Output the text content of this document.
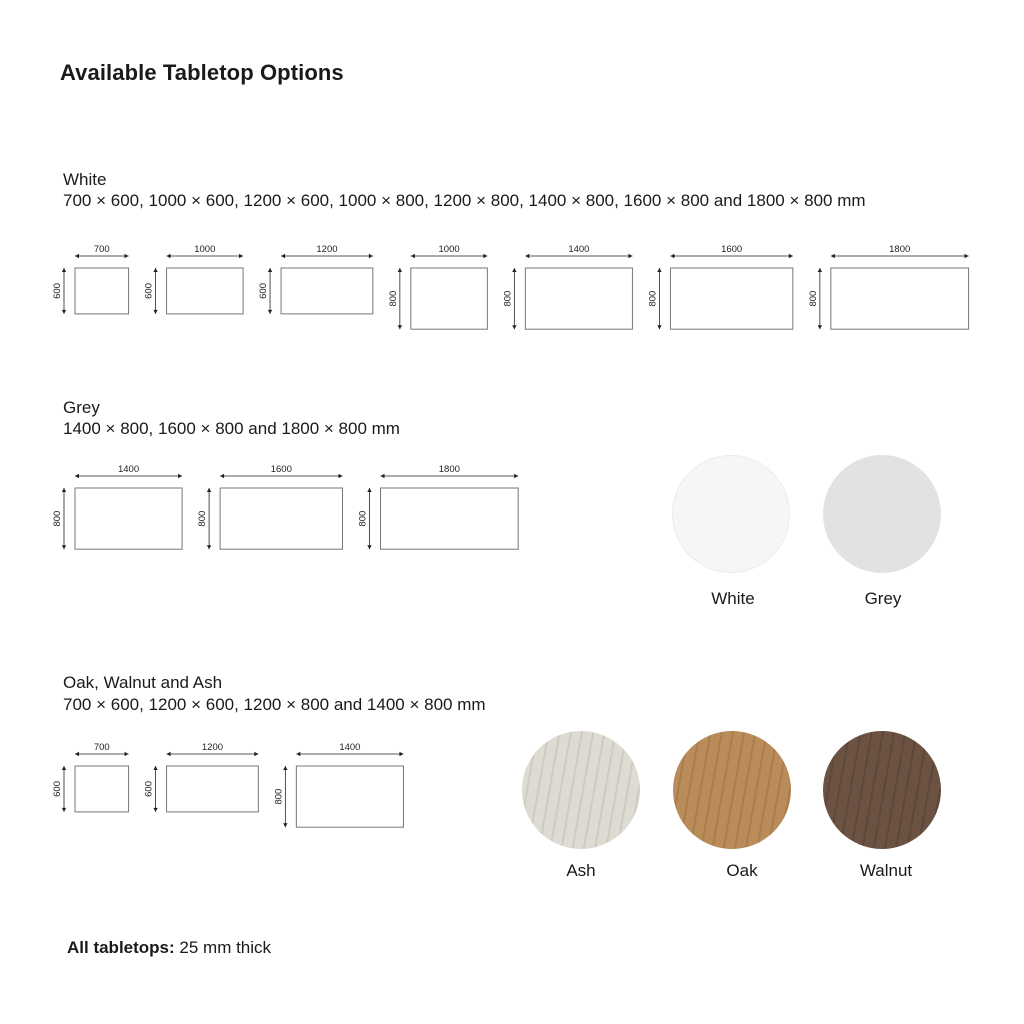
Available Tabletop Options
White
700 × 600, 1000 × 600, 1200 × 600, 1000 × 800, 1200 × 800, 1400 × 800, 1600 × 800 and 1800 × 800 mm
700
600
1000
600
1200
600
1000
800
1400
800
1600
800
1800
800
Grey
1400 × 800, 1600 × 800 and 1800 × 800 mm
1400
800
1600
800
1800
800
Oak, Walnut and Ash
700 × 600, 1200 × 600, 1200 × 800 and 1400 × 800 mm
700
600
1200
600
1400
800
White	Grey
Ash	Oak	Walnut
All tabletops: 25 mm thick
